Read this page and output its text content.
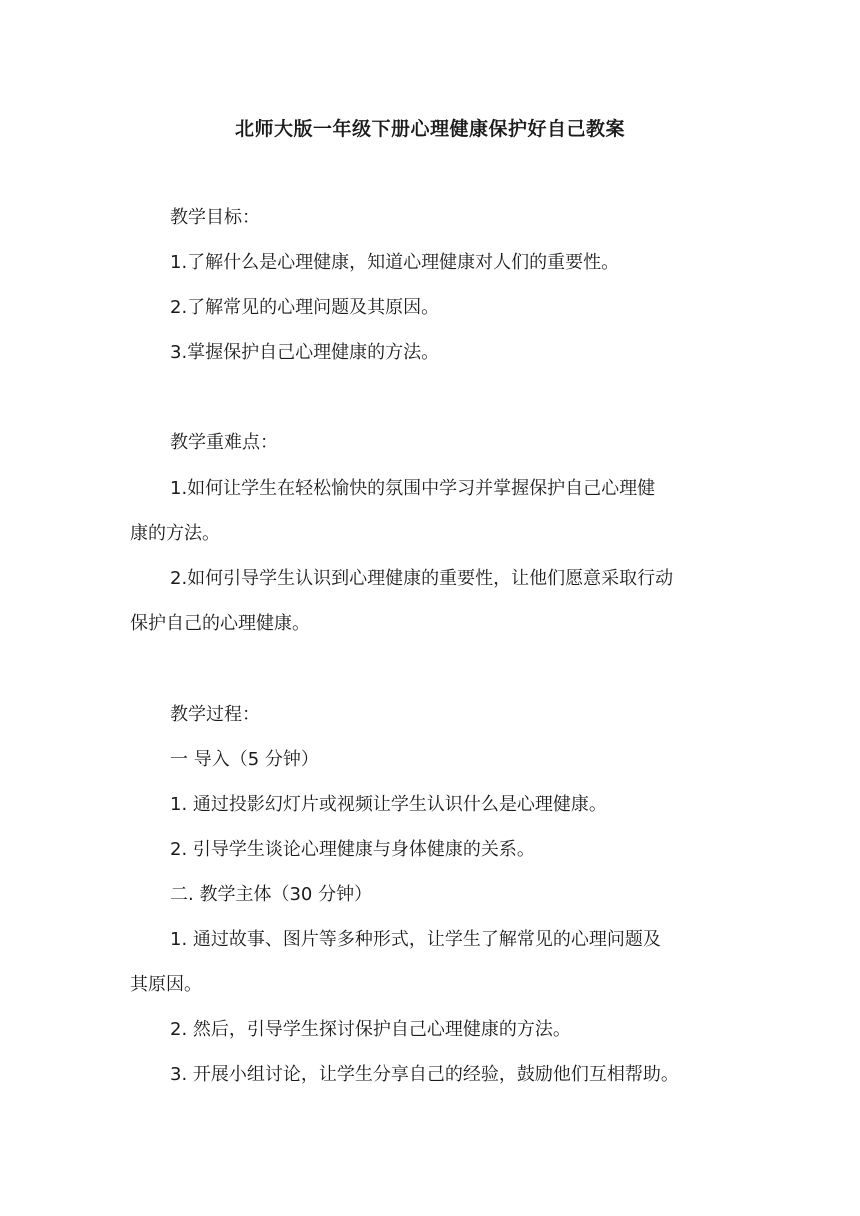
北师大版一年级下册心理健康保护好自己教案
教学目标：
1.了解什么是心理健康，知道心理健康对人们的重要性。
2.了解常见的心理问题及其原因。
3.掌握保护自己心理健康的方法。
教学重难点：
1.如何让学生在轻松愉快的氛围中学习并掌握保护自己心理健
康的方法。
2.如何引导学生认识到心理健康的重要性，让他们愿意采取行动
保护自己的心理健康。
教学过程：
一 导入（5 分钟）
1. 通过投影幻灯片或视频让学生认识什么是心理健康。
2. 引导学生谈论心理健康与身体健康的关系。
二. 教学主体（30 分钟）
1. 通过故事、图片等多种形式，让学生了解常见的心理问题及
其原因。
2. 然后，引导学生探讨保护自己心理健康的方法。
3. 开展小组讨论，让学生分享自己的经验，鼓励他们互相帮助。
